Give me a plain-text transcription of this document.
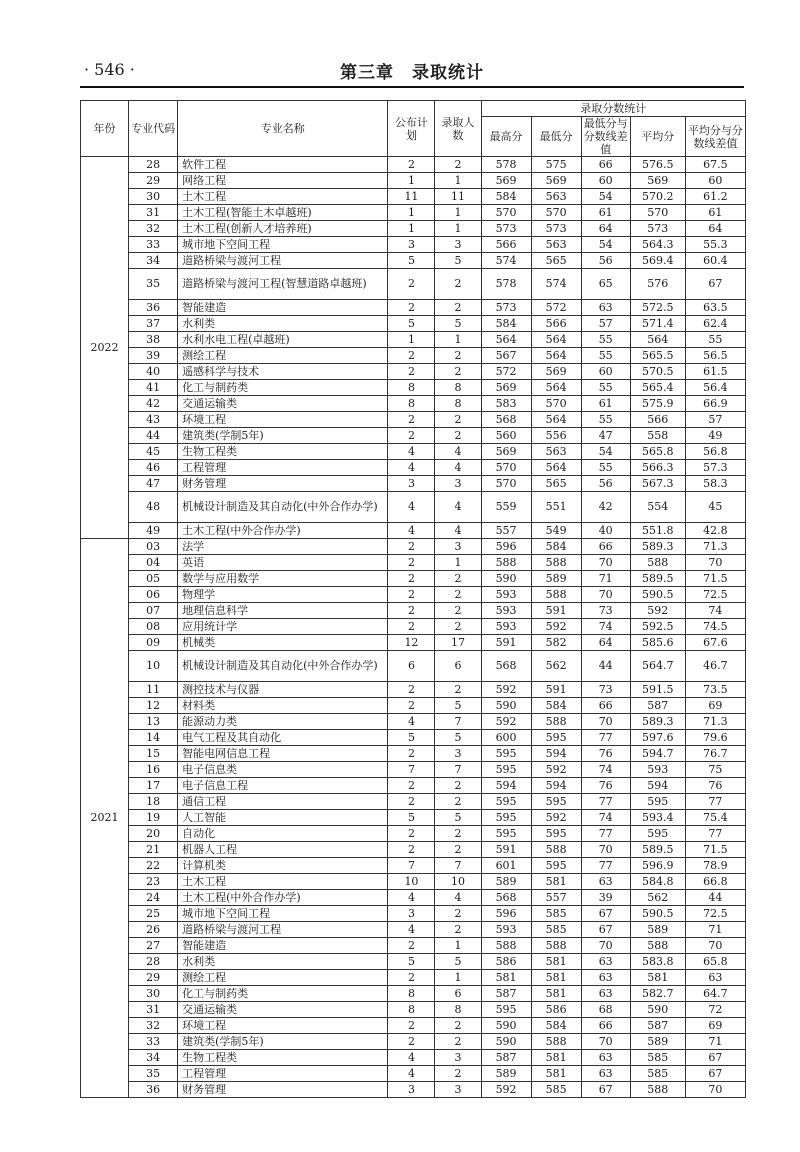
· 546 ·	第三章　录取统计
年份	专业代码	专业名称	公布计划	录取人数	录取分数统计				
					最高分	最低分	最低分与分数线差值	平均分	平均分与分数线差值
2022	28	软件工程	2	2	578	575	66	576.5	67.5
	29	网络工程	1	1	569	569	60	569	60
	30	土木工程	11	11	584	563	54	570.2	61.2
	31	土木工程(智能土木卓越班)	1	1	570	570	61	570	61
	32	土木工程(创新人才培养班)	1	1	573	573	64	573	64
	33	城市地下空间工程	3	3	566	563	54	564.3	55.3
	34	道路桥梁与渡河工程	5	5	574	565	56	569.4	60.4
	35	道路桥梁与渡河工程(智慧道路卓越班)	2	2	578	574	65	576	67
	36	智能建造	2	2	573	572	63	572.5	63.5
	37	水利类	5	5	584	566	57	571.4	62.4
	38	水利水电工程(卓越班)	1	1	564	564	55	564	55
	39	测绘工程	2	2	567	564	55	565.5	56.5
	40	遥感科学与技术	2	2	572	569	60	570.5	61.5
	41	化工与制药类	8	8	569	564	55	565.4	56.4
	42	交通运输类	8	8	583	570	61	575.9	66.9
	43	环境工程	2	2	568	564	55	566	57
	44	建筑类(学制5年)	2	2	560	556	47	558	49
	45	生物工程类	4	4	569	563	54	565.8	56.8
	46	工程管理	4	4	570	564	55	566.3	57.3
	47	财务管理	3	3	570	565	56	567.3	58.3
	48	机械设计制造及其自动化(中外合作办学)	4	4	559	551	42	554	45
	49	土木工程(中外合作办学)	4	4	557	549	40	551.8	42.8
2021	03	法学	2	3	596	584	66	589.3	71.3
	04	英语	2	1	588	588	70	588	70
	05	数学与应用数学	2	2	590	589	71	589.5	71.5
	06	物理学	2	2	593	588	70	590.5	72.5
	07	地理信息科学	2	2	593	591	73	592	74
	08	应用统计学	2	2	593	592	74	592.5	74.5
	09	机械类	12	17	591	582	64	585.6	67.6
	10	机械设计制造及其自动化(中外合作办学)	6	6	568	562	44	564.7	46.7
	11	测控技术与仪器	2	2	592	591	73	591.5	73.5
	12	材料类	2	5	590	584	66	587	69
	13	能源动力类	4	7	592	588	70	589.3	71.3
	14	电气工程及其自动化	5	5	600	595	77	597.6	79.6
	15	智能电网信息工程	2	3	595	594	76	594.7	76.7
	16	电子信息类	7	7	595	592	74	593	75
	17	电子信息工程	2	2	594	594	76	594	76
	18	通信工程	2	2	595	595	77	595	77
	19	人工智能	5	5	595	592	74	593.4	75.4
	20	自动化	2	2	595	595	77	595	77
	21	机器人工程	2	2	591	588	70	589.5	71.5
	22	计算机类	7	7	601	595	77	596.9	78.9
	23	土木工程	10	10	589	581	63	584.8	66.8
	24	土木工程(中外合作办学)	4	4	568	557	39	562	44
	25	城市地下空间工程	3	2	596	585	67	590.5	72.5
	26	道路桥梁与渡河工程	4	2	593	585	67	589	71
	27	智能建造	2	1	588	588	70	588	70
	28	水利类	5	5	586	581	63	583.8	65.8
	29	测绘工程	2	1	581	581	63	581	63
	30	化工与制药类	8	6	587	581	63	582.7	64.7
	31	交通运输类	8	8	595	586	68	590	72
	32	环境工程	2	2	590	584	66	587	69
	33	建筑类(学制5年)	2	2	590	588	70	589	71
	34	生物工程类	4	3	587	581	63	585	67
	35	工程管理	4	2	589	581	63	585	67
	36	财务管理	3	3	592	585	67	588	70
